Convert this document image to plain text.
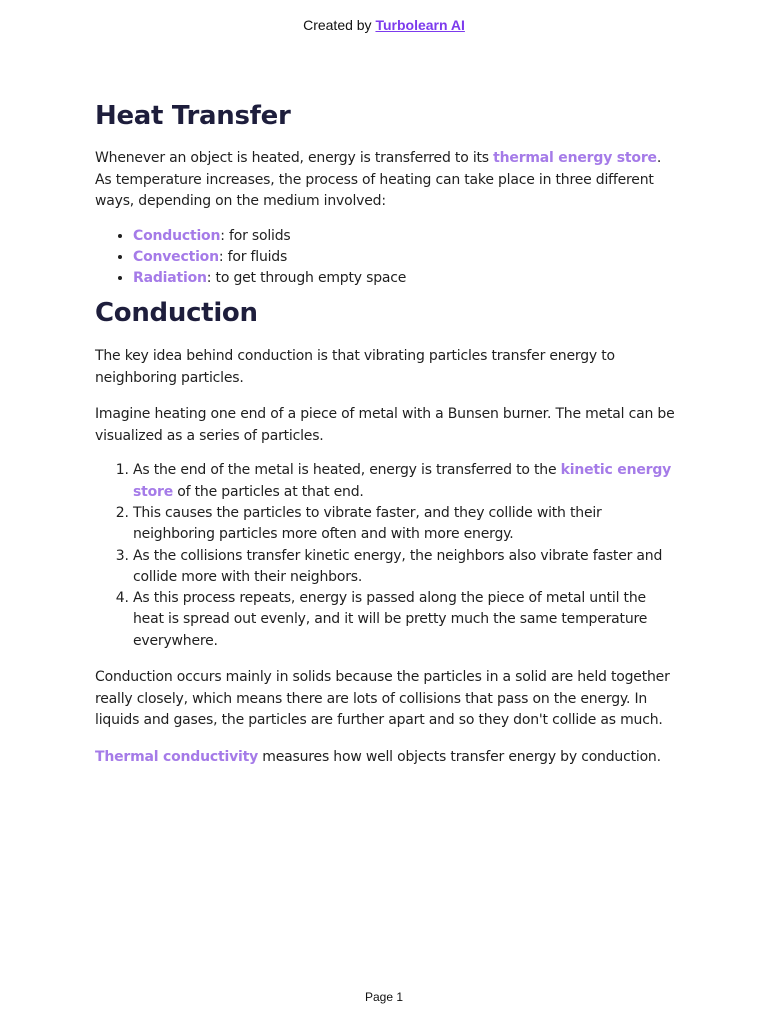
Created by Turbolearn AI
Heat Transfer

Whenever an object is heated, energy is transferred to its thermal energy store. As temperature increases, the process of heating can take place in three different ways, depending on the medium involved:

• Conduction: for solids
• Convection: for fluids
• Radiation: to get through empty space
Conduction

The key idea behind conduction is that vibrating particles transfer energy to neighboring particles.

Imagine heating one end of a piece of metal with a Bunsen burner. The metal can be visualized as a series of particles.

1. As the end of the metal is heated, energy is transferred to the kinetic energy store of the particles at that end.
2. This causes the particles to vibrate faster, and they collide with their neighboring particles more often and with more energy.
3. As the collisions transfer kinetic energy, the neighbors also vibrate faster and collide more with their neighbors.
4. As this process repeats, energy is passed along the piece of metal until the heat is spread out evenly, and it will be pretty much the same temperature everywhere.

Conduction occurs mainly in solids because the particles in a solid are held together really closely, which means there are lots of collisions that pass on the energy. In liquids and gases, the particles are further apart and so they don't collide as much.

Thermal conductivity measures how well objects transfer energy by conduction.

Page 1
